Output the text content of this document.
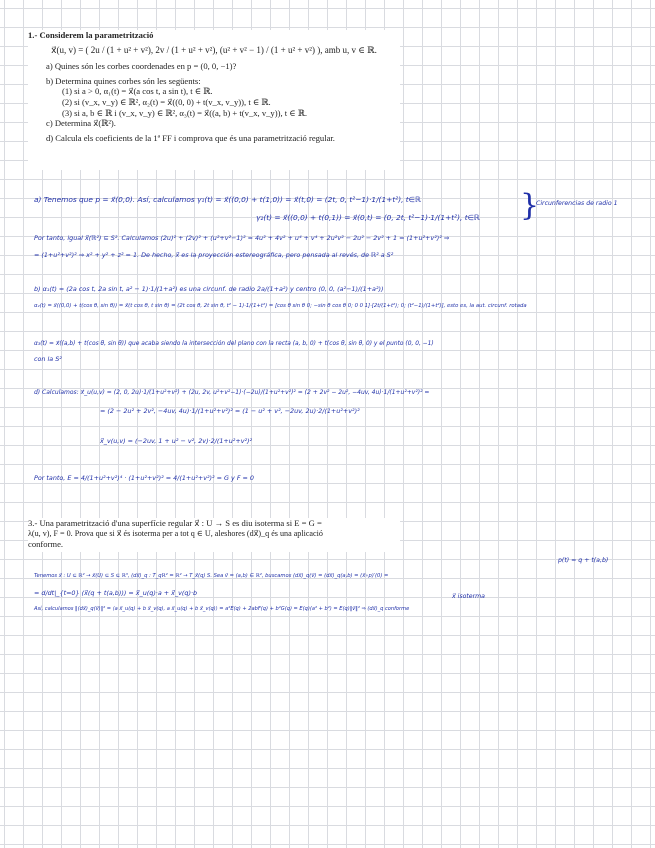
1.- Considerem la parametrització
x⃗(u, v) = ( 2u / (1 + u² + v²), 2v / (1 + u² + v²), (u² + v² − 1) / (1 + u² + v²) ), amb u, v ∈ ℝ.
a) Quines són les corbes coordenades en p = (0, 0, −1)?
b) Determina quines corbes són les següents:
(1) si a > 0, α₁(t) = x⃗(a cos t, a sin t), t ∈ ℝ.
(2) si (v_x, v_y) ∈ ℝ², α₂(t) = x⃗((0, 0) + t(v_x, v_y)), t ∈ ℝ.
(3) si a, b ∈ ℝ i (v_x, v_y) ∈ ℝ², α₃(t) = x⃗((a, b) + t(v_x, v_y)), t ∈ ℝ.
c) Determina x⃗(ℝ²).
d) Calcula els coeficients de la 1ª FF i comprova que és una parametrització regular.
a) Tenemos que p = x⃗(0,0). Así, calculamos γ₁(t) = x⃗((0,0) + t(1,0)) = x⃗(t,0) = (2t, 0, t²−1)·1/(1+t²), t∈ℝ
γ₂(t) = x⃗((0,0) + t(0,1)) = x⃗(0,t) = (0, 2t, t²−1)·1/(1+t²), t∈ℝ }
Circunferencias de radio 1
Por tanto, igual x⃗(ℝ²) ⊆ S². Calculamos (2u)² + (2v)² + (u²+v²−1)² = 4u² + 4v² + u⁴ + v⁴ + 2u²v² − 2u² − 2v² + 1 = (1+u²+v²)² ⇒
= (1+u²+v²)² ⇒ x² + y² + z² = 1. De hecho, x⃗ es la proyección estereográfica, pero pensada al revés, de ℝ² a S²
b) α₁(t) = (2a cos t, 2a sin t, a² − 1)·1/(1+a²) es una circunf. de radio 2a/(1+a²) y centro (0, 0, (a²−1)/(1+a²))
α₂(t) = x⃗((0,0) + t(cos θ, sin θ)) = x⃗(t cos θ, t sin θ) = (2t cos θ, 2t sin θ, t² − 1)·1/(1+t²) = [cos θ sin θ 0; −sin θ cos θ 0; 0 0 1]·[2t/(1+t²); 0; (t²−1)/(1+t²)], esto es, la aut. circunf. rotada
α₃(t) = x⃗((a,b) + t(cos θ, sin θ)) que acaba siendo la intersección del plano con la recta (a, b, 0) + t(cos θ, sin θ, 0) y el punto (0, 0, −1)
con la S²
d) Calculamos: x⃗_u(u,v) = (2, 0, 2u)·1/(1+u²+v²) + (2u, 2v, u²+v²−1)·(−2u)/(1+u²+v²)² = (2 + 2v² − 2u², −4uv, 4u)·1/(1+u²+v²)² =
= (2 − 2u² + 2v², −4uv, 4u)·1/(1+u²+v²)² = (1 − u² + v², −2uv, 2u)·2/(1+u²+v²)²
x⃗_v(u,v) = (−2uv, 1 + u² − v², 2v)·2/(1+u²+v²)²
Por tanto, E = 4/(1+u²+v²)⁴ · (1+u²+v²)² = 4/(1+u²+v²)² = G y F = 0
3.- Una parametrització d'una superfície regular x⃗ : U → S es diu isoterma si E = G =
λ(u, v), F = 0. Prova que si x⃗ és isoterma per a tot q ∈ U, aleshores (dx⃗)_q és una aplicació
conforme.
p(t) = q + t(a,b)
Tenemos x⃗ : U ⊆ ℝ² → x⃗(U) ⊆ S ⊆ ℝ³, (dx⃗)_q : T_qℝ² = ℝ² → T_x⃗(q) S. Sea v⃗ = (a,b) ∈ ℝ², buscamos (dx⃗)_q(v⃗) = (dx⃗)_q(a,b) = (x⃗∘p)′(0) =
x⃗ isoterma
= d/dt|_{t=0} (x⃗(q + t(a,b))) = x⃗_u(q)·a + x⃗_v(q)·b
Así, calculamos ‖(dx⃗)_q(v⃗)‖² = ⟨a x⃗_u(q) + b x⃗_v(q), a x⃗_u(q) + b x⃗_v(q)⟩ = a²E(q) + 2abF(q) + b²G(q) = E(q)(a² + b²) = E(q)‖v⃗‖² ⇒ (dx⃗)_q conforme
